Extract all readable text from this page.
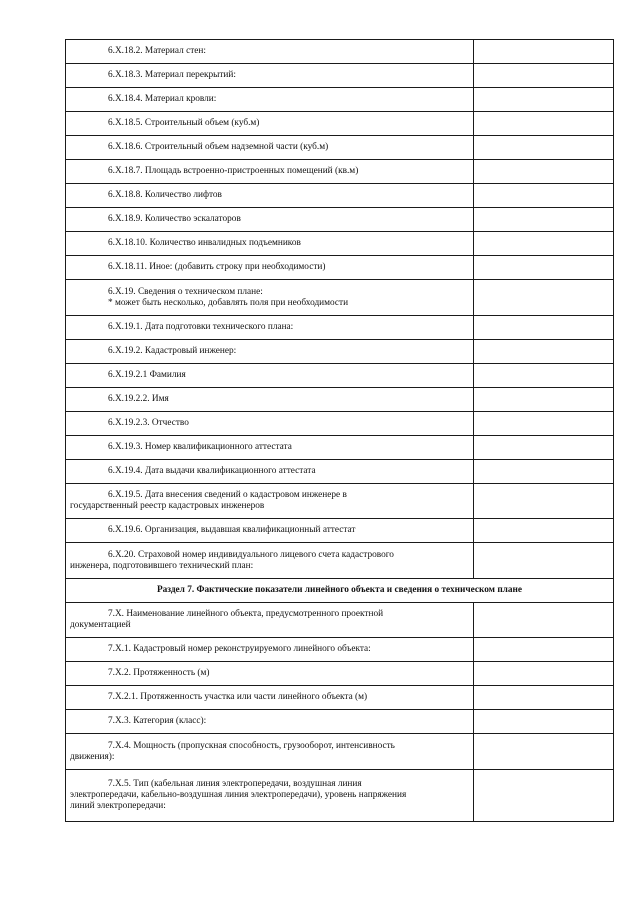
6.X.18.2. Материал стен:	
6.X.18.3. Материал перекрытий:	
6.X.18.4. Материал кровли:	
6.X.18.5. Строительный объем (куб.м)	
6.X.18.6. Строительный объем надземной части (куб.м)	
6.X.18.7. Площадь встроенно-пристроенных помещений (кв.м)	
6.X.18.8. Количество лифтов	
6.X.18.9. Количество эскалаторов	
6.X.18.10. Количество инвалидных подъемников	
6.X.18.11. Иное: (добавить строку при необходимости)	
6.X.19. Сведения о техническом плане:
* может быть несколько, добавлять поля при необходимости	
6.X.19.1. Дата подготовки технического плана:	
6.X.19.2. Кадастровый инженер:	
6.X.19.2.1 Фамилия	
6.X.19.2.2. Имя	
6.X.19.2.3. Отчество	
6.X.19.3. Номер квалификационного аттестата	
6.X.19.4. Дата выдачи квалификационного аттестата	
6.X.19.5. Дата внесения сведений о кадастровом инженере в
государственный реестр кадастровых инженеров	
6.X.19.6. Организация, выдавшая квалификационный аттестат	
6.X.20. Страховой номер индивидуального лицевого счета кадастрового
инженера, подготовившего технический план:	
Раздел 7. Фактические показатели линейного объекта и сведения о техническом плане	
7.X. Наименование линейного объекта, предусмотренного проектной
документацией	
7.X.1. Кадастровый номер реконструируемого линейного объекта:	
7.X.2. Протяженность (м)	
7.X.2.1. Протяженность участка или части линейного объекта (м)	
7.X.3. Категория (класс):	
7.X.4. Мощность (пропускная способность, грузооборот, интенсивность
движения):	
7.X.5. Тип (кабельная линия электропередачи, воздушная линия
электропередачи, кабельно-воздушная линия электропередачи), уровень напряжения
линий электропередачи:	
